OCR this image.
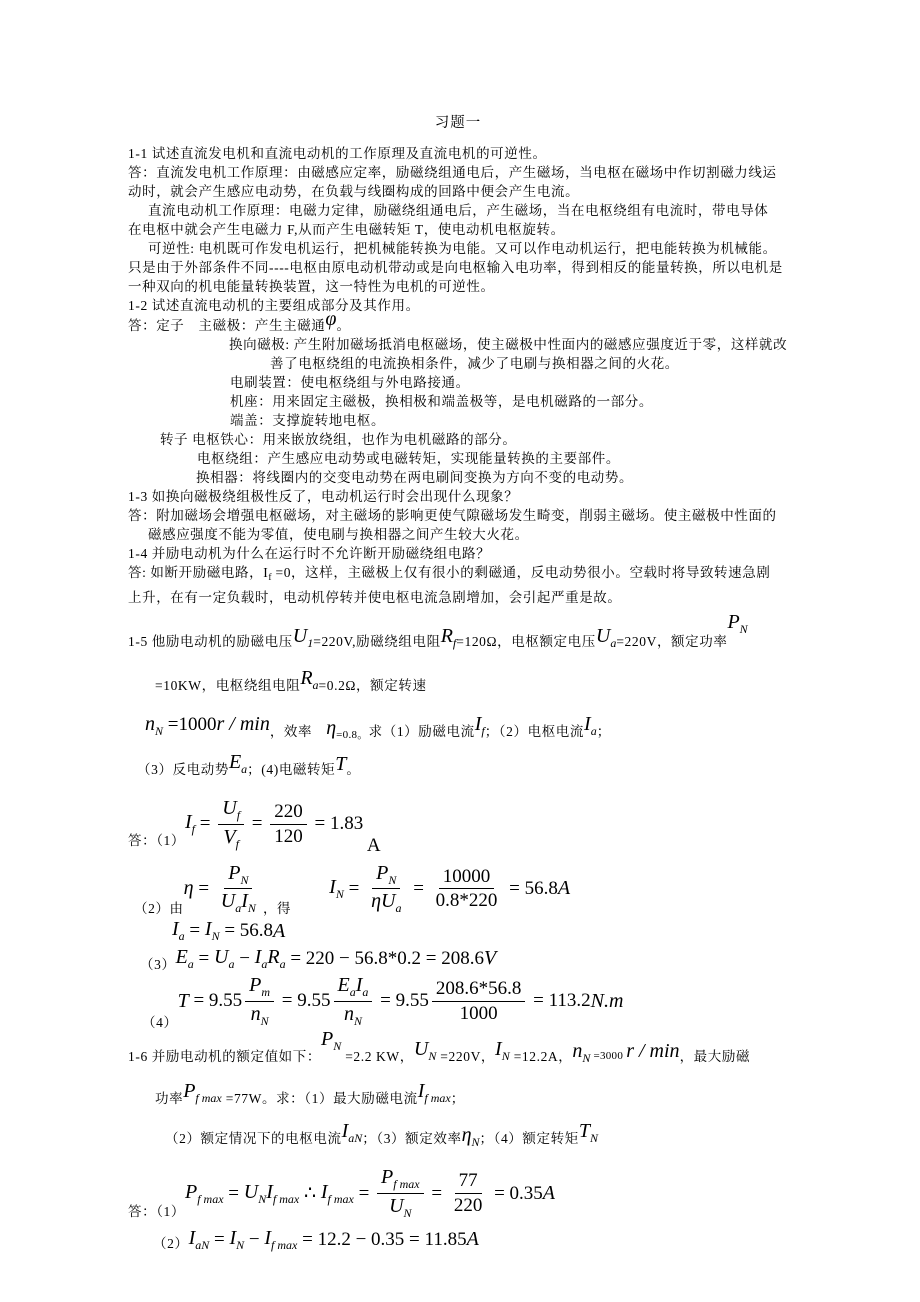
习题一
1-1 试述直流发电机和直流电动机的工作原理及直流电机的可逆性。
答：直流发电机工作原理：由磁感应定率，励磁绕组通电后，产生磁场，当电枢在磁场中作切割磁力线运
动时，就会产生感应电动势，在负载与线圈构成的回路中便会产生电流。
直流电动机工作原理：电磁力定律，励磁绕组通电后，产生磁场，当在电枢绕组有电流时，带电导体
在电枢中就会产生电磁力 F,从而产生电磁转矩 T，使电动机电枢旋转。
可逆性: 电机既可作发电机运行，把机械能转换为电能。又可以作电动机运行，把电能转换为机械能。
只是由于外部条件不同----电枢由原电动机带动或是向电枢输入电功率，得到相反的能量转换，所以电机是
一种双向的机电能量转换装置，这一特性为电机的可逆性。
1-2 试述直流电动机的主要组成部分及其作用。
答：定子　主磁极：产生主磁通φ。
换向磁极: 产生附加磁场抵消电枢磁场，使主磁极中性面内的磁感应强度近于零，这样就改
善了电枢绕组的电流换相条件，减少了电刷与换相器之间的火花。
电刷装置：使电枢绕组与外电路接通。
机座：用来固定主磁极，换相极和端盖极等，是电机磁路的一部分。
端盖：支撑旋转地电枢。
转子 电枢铁心：用来嵌放绕组，也作为电机磁路的部分。
电枢绕组：产生感应电动势或电磁转矩，实现能量转换的主要部件。
换相器：将线圈内的交变电动势在两电刷间变换为方向不变的电动势。
1-3 如换向磁极绕组极性反了，电动机运行时会出现什么现象？
答：附加磁场会增强电枢磁场，对主磁场的影响更使气隙磁场发生畸变，削弱主磁场。使主磁极中性面的
磁感应强度不能为零值，使电刷与换相器之间产生较大火花。
1-4 并励电动机为什么在运行时不允许断开励磁绕组电路？
答: 如断开励磁电路，$I_f =0$，这样，主磁极上仅有很小的剩磁通，反电动势很小。空载时将导致转速急剧
上升，在有一定负载时，电动机停转并使电枢电流急剧增加，会引起严重是故。
1-5 他励电动机的励磁电压$U_1=220V$,励磁绕组电阻$R_f=120\Omega$，电枢额定电压$U_a=220V$，额定功率$P_N$
=10KW，电枢绕组电阻$R_a=0.2\Omega$，额定转速
$n_N =1000r / \min$，效率　η=0.8。求（1）励磁电流$I_f$；（2）电枢电流$I_a$；
（3）反电动势$E_a$；(4)电磁转矩T。
答：（1）
$I_f = \frac{U_f}{V_f} = \frac{220}{120} = 1.83$
A
（2）由
$\eta = \frac{P_N}{U_aI_N}$ ，得

$I_N = \frac{P_N}{\eta U_a} = \frac{10000}{0.8*220} = 56.8$ A
$I_a = I_N = 56.8$ A
（3） $E_a = U_a - I_a$ $R_a = 220 - 56.8*0.2 = 208.6$ V
（4）
$T = 9.55 \frac{P_m}{n_N} = 9.55 \frac{E_aI_a}{n_N} = 9.55 \frac{208.6*56.8}{1000} = 113.2$ N.m
1-6 并励电动机的额定值如下：$P_N =2.2$ KW，$U_N =220V$，$I_N =12.2A$，$n_N =3000$ r / min，最大励磁
功率$P_{f max} =77W$。求：（1）最大励磁电流$I_{f max}$；
（2）额定情况下的电枢电流$I_{aN}$；（3）额定效率$\eta_N$；（4）额定转矩$T_N$
答：（1）
$P_{f max} = U_N$ $I_{f max}$ ∴ $I_{f max} = \frac{P_{f max}}{U_N} = \frac{77}{220} = 0.35$ A
（2） $I_{aN} = I_N - I_{f max} = 12.2 - 0.35 = 11.85$ A
